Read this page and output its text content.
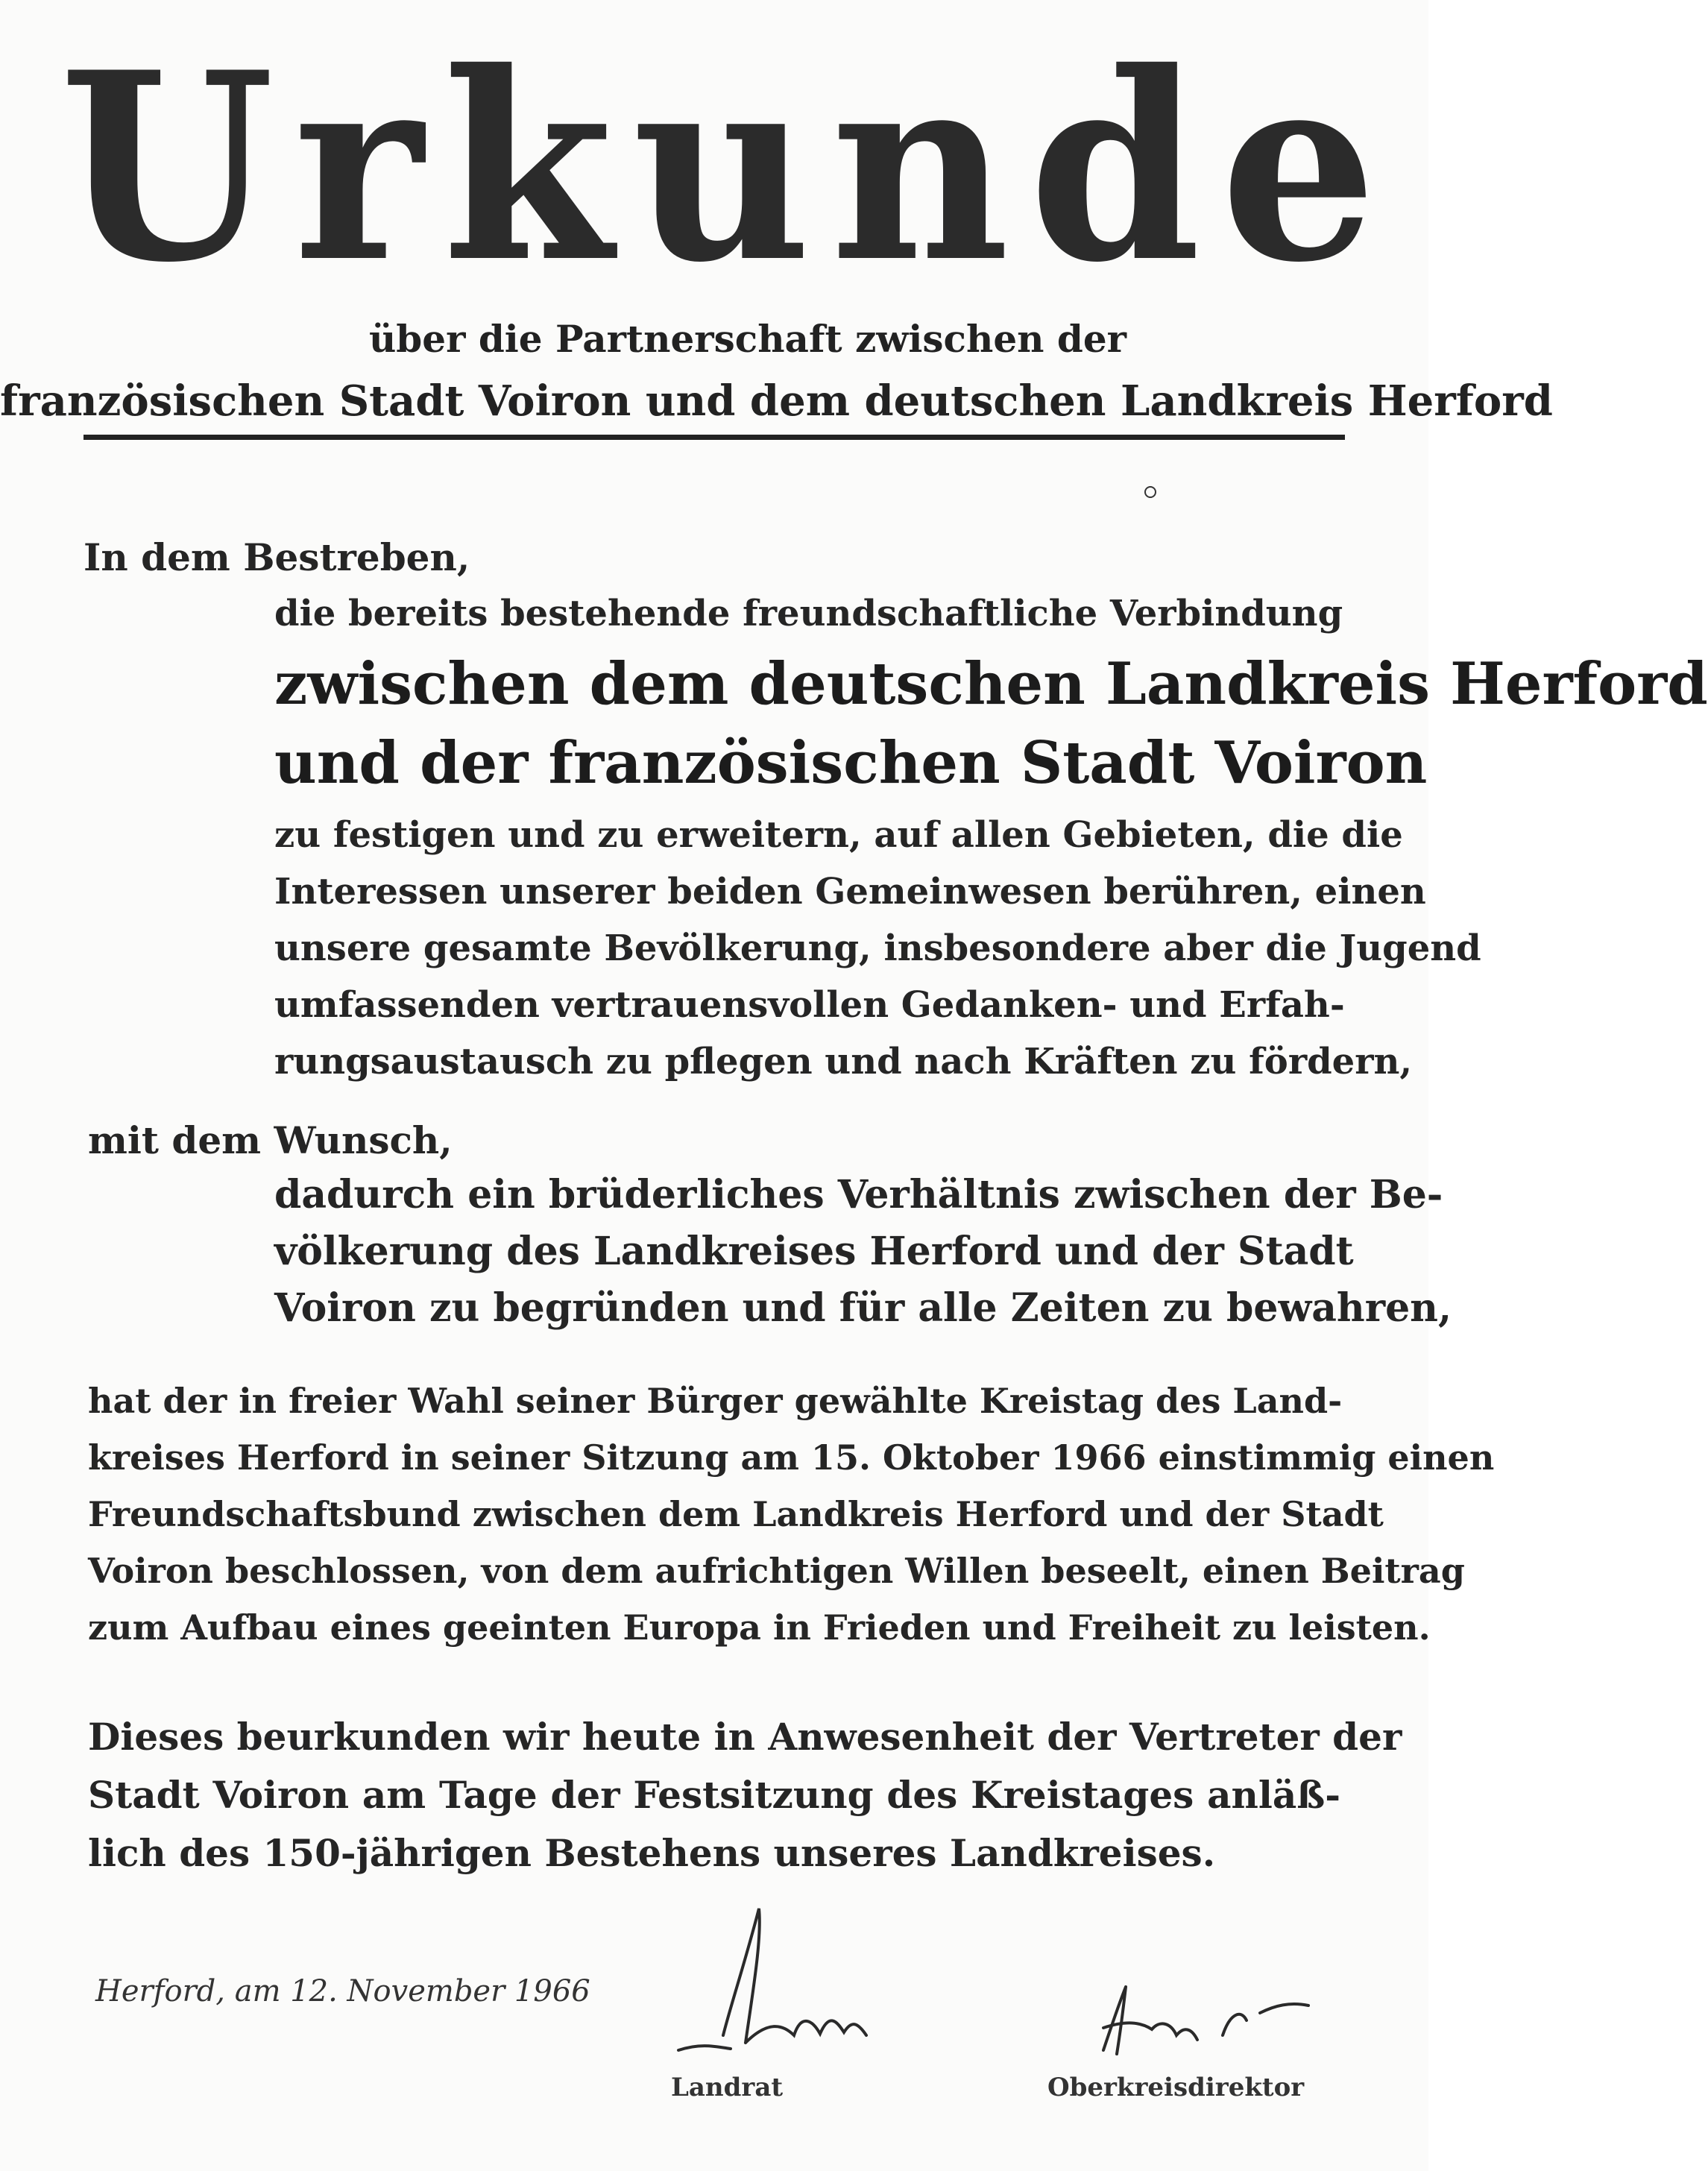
Urkunde
über die Partnerschaft zwischen der
französischen Stadt Voiron und dem deutschen Landkreis Herford
In dem Bestreben,
die bereits bestehende freundschaftliche Verbindung
zwischen dem deutschen Landkreis Herford
und der französischen Stadt Voiron
zu festigen und zu erweitern, auf allen Gebieten, die die
Interessen unserer beiden Gemeinwesen berühren, einen
unsere gesamte Bevölkerung, insbesondere aber die Jugend
umfassenden vertrauensvollen Gedanken- und Erfah-
rungsaustausch zu pflegen und nach Kräften zu fördern,
mit dem Wunsch,
dadurch ein brüderliches Verhältnis zwischen der Be-
völkerung des Landkreises Herford und der Stadt
Voiron zu begründen und für alle Zeiten zu bewahren,
hat der in freier Wahl seiner Bürger gewählte Kreistag des Land-
kreises Herford in seiner Sitzung am 15. Oktober 1966 einstimmig einen
Freundschaftsbund zwischen dem Landkreis Herford und der Stadt
Voiron beschlossen, von dem aufrichtigen Willen beseelt, einen Beitrag
zum Aufbau eines geeinten Europa in Frieden und Freiheit zu leisten.
Dieses beurkunden wir heute in Anwesenheit der Vertreter der
Stadt Voiron am Tage der Festsitzung des Kreistages anläß-
lich des 150-jährigen Bestehens unseres Landkreises.
Herford, am 12. November 1966
Landrat	Oberkreisdirektor
